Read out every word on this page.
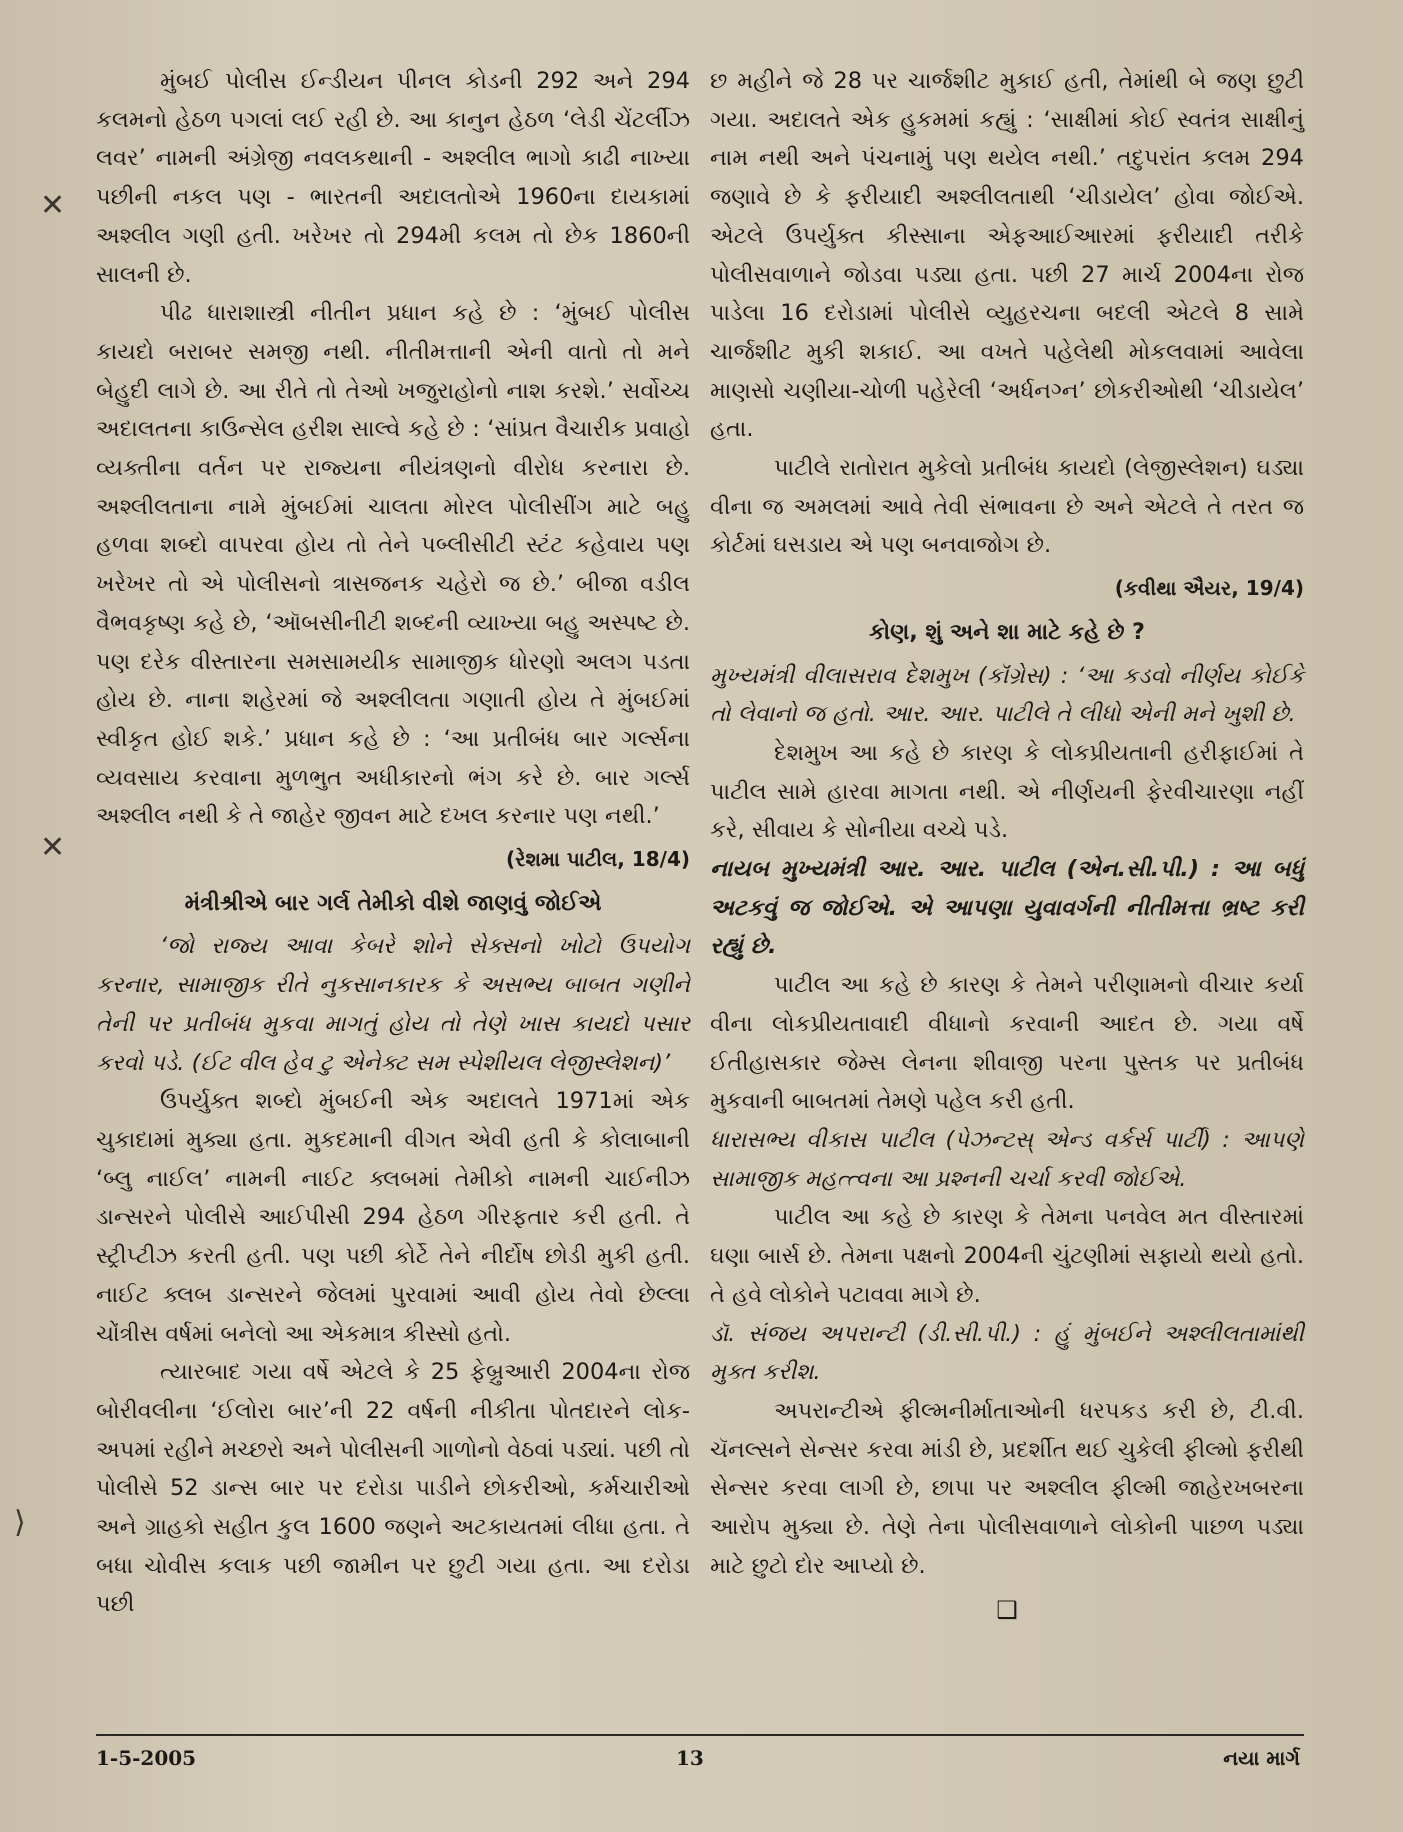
મુંબઈ પોલીસ ઈન્ડીયન પીનલ કોડની 292 અને 294 કલમનો હેઠળ પગલાં લઈ રહી છે. આ કાનુન હેઠળ ‘લેડી ચેંટર્લીઝ લવર’ નામની અંગ્રેજી નવલકથાની - અશ્લીલ ભાગો કાઢી નાખ્યા પછીની નકલ પણ - ભારતની અદાલતોએ 1960ના દાયકામાં અશ્લીલ ગણી હતી. ખરેખર તો 294મી કલમ તો છેક 1860ની સાલની છે.

પીઢ ધારાશાસ્ત્રી નીતીન પ્રધાન કહે છે : ‘મુંબઈ પોલીસ કાયદો બરાબર સમજી નથી. નીતીમત્તાની એની વાતો તો મને બેહુદી લાગે છે. આ રીતે તો તેઓ ખજુરાહોનો નાશ કરશે.’ સર્વોચ્ચ અદાલતના કાઉન્સેલ હરીશ સાલ્વે કહે છે : ‘સાંપ્રત વૈચારીક પ્રવાહો વ્યક્તીના વર્તન પર રાજ્યના નીયંત્રણનો વીરોધ કરનારા છે. અશ્લીલતાના નામે મુંબઈમાં ચાલતા મોરલ પોલીસીંગ માટે બહુ હળવા શબ્દો વાપરવા હોય તો તેને પબ્લીસીટી સ્ટંટ કહેવાય પણ ખરેખર તો એ પોલીસનો ત્રાસજનક ચહેરો જ છે.’ બીજા વડીલ વૈભવકૃષ્ણ કહે છે, ‘ઑબસીનીટી શબ્દની વ્યાખ્યા બહુ અસ્પષ્ટ છે. પણ દરેક વીસ્તારના સમસામયીક સામાજીક ધોરણો અલગ પડતા હોય છે. નાના શહેરમાં જે અશ્લીલતા ગણાતી હોય તે મુંબઈમાં સ્વીકૃત હોઈ શકે.’ પ્રધાન કહે છે : ‘આ પ્રતીબંધ બાર ગર્લ્સના વ્યવસાય કરવાના મુળભુત અધીકારનો ભંગ કરે છે. બાર ગર્લ્સ અશ્લીલ નથી કે તે જાહેર જીવન માટે દખલ કરનાર પણ નથી.’

(રેશમા પાટીલ, 18/4)

મંત્રીશ્રીએ બાર ગર્લ તેમીકો વીશે જાણવું જોઈએ

‘જો રાજ્ય આવા કેબરે શોને સેક્સનો ખોટો ઉપયોગ કરનાર, સામાજીક રીતે નુકસાનકારક કે અસભ્ય બાબત ગણીને તેની પર પ્રતીબંધ મુકવા માગતું હોય તો તેણે ખાસ કાયદો પસાર કરવો પડે. (ઈટ વીલ હેવ ટુ એનેક્ટ સમ સ્પેશીયલ લેજીસ્લેશન)’

ઉપર્યુક્ત શબ્દો મુંબઈની એક અદાલતે 1971માં એક ચુકાદામાં મુક્યા હતા. મુકદમાની વીગત એવી હતી કે કોલાબાની ‘બ્લુ નાઈલ’ નામની નાઈટ ક્લબમાં તેમીકો નામની ચાઈનીઝ ડાન્સરને પોલીસે આઈપીસી 294 હેઠળ ગીરફતાર કરી હતી. તે સ્ટ્રીપ્ટીઝ કરતી હતી. પણ પછી કોર્ટે તેને નીર્દોષ છોડી મુકી હતી. નાઈટ ક્લબ ડાન્સરને જેલમાં પુરવામાં આવી હોય તેવો છેલ્લા ચોંત્રીસ વર્ષમાં બનેલો આ એકમાત્ર કીસ્સો હતો.

ત્યારબાદ ગયા વર્ષે એટલે કે 25 ફેબ્રુઆરી 2004ના રોજ બોરીવલીના ‘ઈલોરા બાર’ની 22 વર્ષની નીકીતા પોતદારને લોક-અપમાં રહીને મચ્છરો અને પોલીસની ગાળોનો વેઠવાં પડ્યાં. પછી તો પોલીસે 52 ડાન્સ બાર પર દરોડા પાડીને છોકરીઓ, કર્મચારીઓ અને ગ્રાહકો સહીત કુલ 1600 જણને અટકાયતમાં લીધા હતા. તે બધા ચોવીસ કલાક પછી જામીન પર છુટી ગયા હતા. આ દરોડા પછી

છ મહીને જે 28 પર ચાર્જશીટ મુકાઈ હતી, તેમાંથી બે જણ છુટી ગયા. અદાલતે એક હુકમમાં કહ્યું : ‘સાક્ષીમાં કોઈ સ્વતંત્ર સાક્ષીનું નામ નથી અને પંચનામું પણ થયેલ નથી.’ તદુપરાંત કલમ 294 જણાવે છે કે ફરીયાદી અશ્લીલતાથી ‘ચીડાયેલ’ હોવા જોઈએ. એટલે ઉપર્યુક્ત કીસ્સાના એફઆઈઆરમાં ફરીયાદી તરીકે પોલીસવાળાને જોડવા પડ્યા હતા. પછી 27 માર્ચ 2004ના રોજ પાડેલા 16 દરોડામાં પોલીસે વ્યુહરચના બદલી એટલે 8 સામે ચાર્જશીટ મુકી શકાઈ. આ વખતે પહેલેથી મોકલવામાં આવેલા માણસો ચણીયા-ચોળી પહેરેલી ‘અર્ધનગ્ન’ છોકરીઓથી ‘ચીડાયેલ’ હતા.

પાટીલે રાતોરાત મુકેલો પ્રતીબંધ કાયદો (લેજીસ્લેશન) ઘડ્યા વીના જ અમલમાં આવે તેવી સંભાવના છે અને એટલે તે તરત જ કોર્ટમાં ઘસડાય એ પણ બનવાજોગ છે.

(કવીથા ઐયર, 19/4)

કોણ, શું અને શા માટે કહે છે ?

મુખ્યમંત્રી વીલાસરાવ દેશમુખ (કૉંગ્રેસ) : ‘આ કડવો નીર્ણય કોઈકે તો લેવાનો જ હતો. આર. આર. પાટીલે તે લીધો એની મને ખુશી છે.

દેશમુખ આ કહે છે કારણ કે લોકપ્રીયતાની હરીફાઈમાં તે પાટીલ સામે હારવા માગતા નથી. એ નીર્ણયની ફેરવીચારણા નહીં કરે, સીવાય કે સોનીયા વચ્ચે પડે.

નાયબ મુખ્યમંત્રી આર. આર. પાટીલ (એન.સી.પી.) : આ બધું અટકવું જ જોઈએ. એ આપણા યુવાવર્ગની નીતીમત્તા ભ્રષ્ટ કરી રહ્યું છે.

પાટીલ આ કહે છે કારણ કે તેમને પરીણામનો વીચાર કર્યા વીના લોકપ્રીયતાવાદી વીધાનો કરવાની આદત છે. ગયા વર્ષે ઈતીહાસકાર જેમ્સ લેનના શીવાજી પરના પુસ્તક પર પ્રતીબંધ મુકવાની બાબતમાં તેમણે પહેલ કરી હતી.

ધારાસભ્ય વીકાસ પાટીલ (પેઝન્ટસ્ એન્ડ વર્કર્સ પાર્ટી) : આપણે સામાજીક મહત્ત્વના આ પ્રશ્નની ચર્ચા કરવી જોઈએ.

પાટીલ આ કહે છે કારણ કે તેમના પનવેલ મત વીસ્તારમાં ઘણા બાર્સ છે. તેમના પક્ષનો 2004ની ચુંટણીમાં સફાયો થયો હતો. તે હવે લોકોને પટાવવા માગે છે.

ડૉ. સંજય અપરાન્ટી (ડી.સી.પી.) : હું મુંબઈને અશ્લીલતામાંથી મુક્ત કરીશ.

અપરાન્ટીએ ફીલ્મનીર્માતાઓની ધરપકડ કરી છે, ટી.વી. ચૅનલ્સને સેન્સર કરવા માંડી છે, પ્રદર્શીત થઈ ચુકેલી ફીલ્મો ફરીથી સેન્સર કરવા લાગી છે, છાપા પર અશ્લીલ ફીલ્મી જાહેરખબરના આરોપ મુક્યા છે. તેણે તેના પોલીસવાળાને લોકોની પાછળ પડ્યા માટે છુટો દોર આપ્યો છે.

❑

✕
✕
⟩
1-5-2005	13	નયા માર્ગ
